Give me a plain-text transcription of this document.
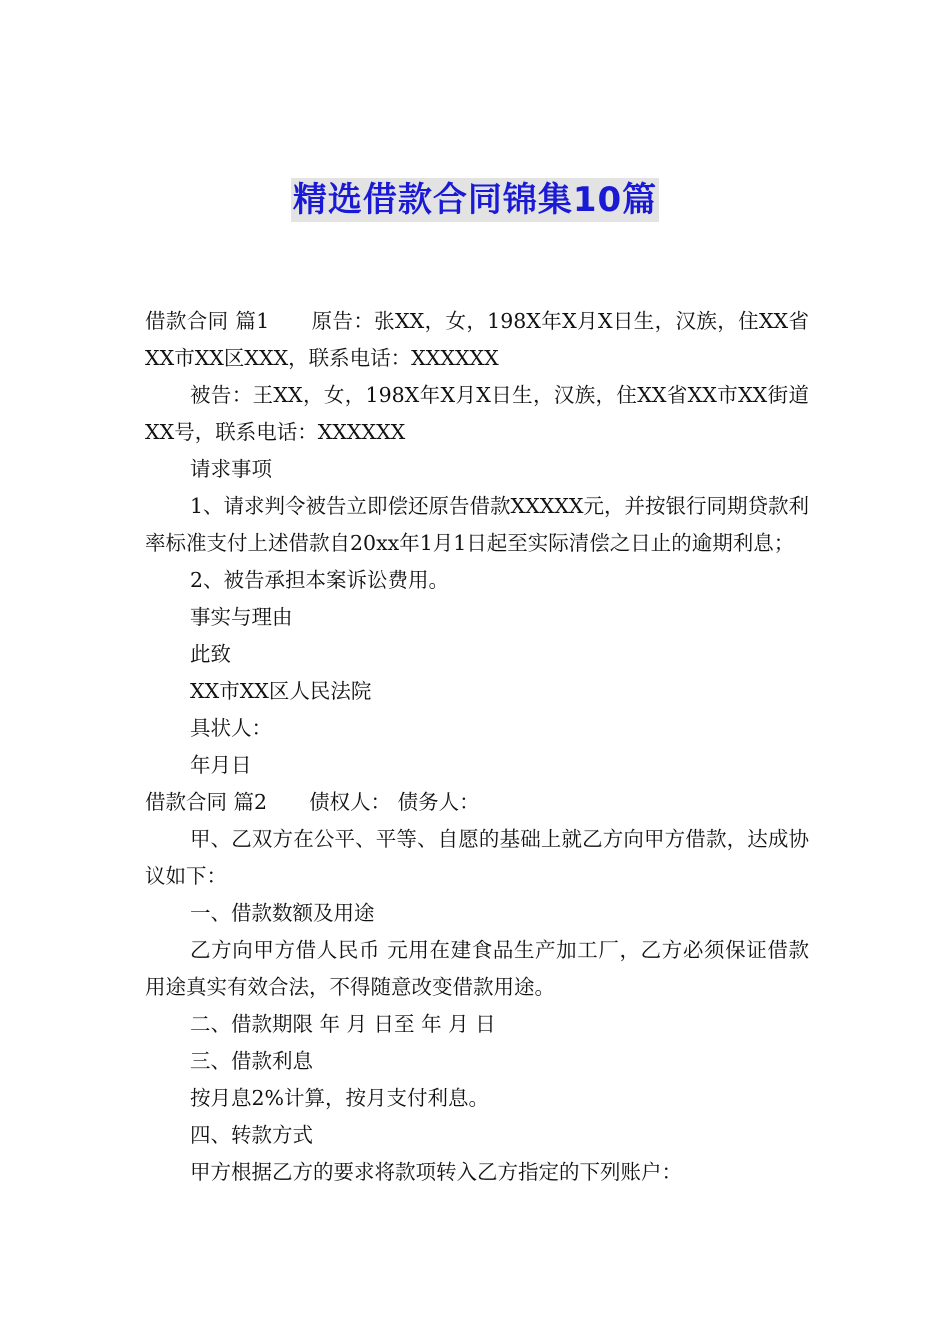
精选借款合同锦集10篇

借款合同 篇1 原告：张XX，女，198X年X月X日生，汉族，住XX省XX市XX区XXX，联系电话：XXXXXX

被告：王XX，女，198X年X月X日生，汉族，住XX省XX市XX街道XX号，联系电话：XXXXXX

请求事项

1、请求判令被告立即偿还原告借款XXXXX元，并按银行同期贷款利率标准支付上述借款自20xx年1月1日起至实际清偿之日止的逾期利息；

2、被告承担本案诉讼费用。

事实与理由

此致

XX市XX区人民法院

具状人：

年月日

借款合同 篇2 债权人： 债务人：

甲、乙双方在公平、平等、自愿的基础上就乙方向甲方借款，达成协议如下：

一、借款数额及用途

乙方向甲方借人民币 元用在建食品生产加工厂，乙方必须保证借款用途真实有效合法，不得随意改变借款用途。

二、借款期限 年 月 日至 年 月 日

三、借款利息

按月息2%计算，按月支付利息。

四、转款方式

甲方根据乙方的要求将款项转入乙方指定的下列账户：
